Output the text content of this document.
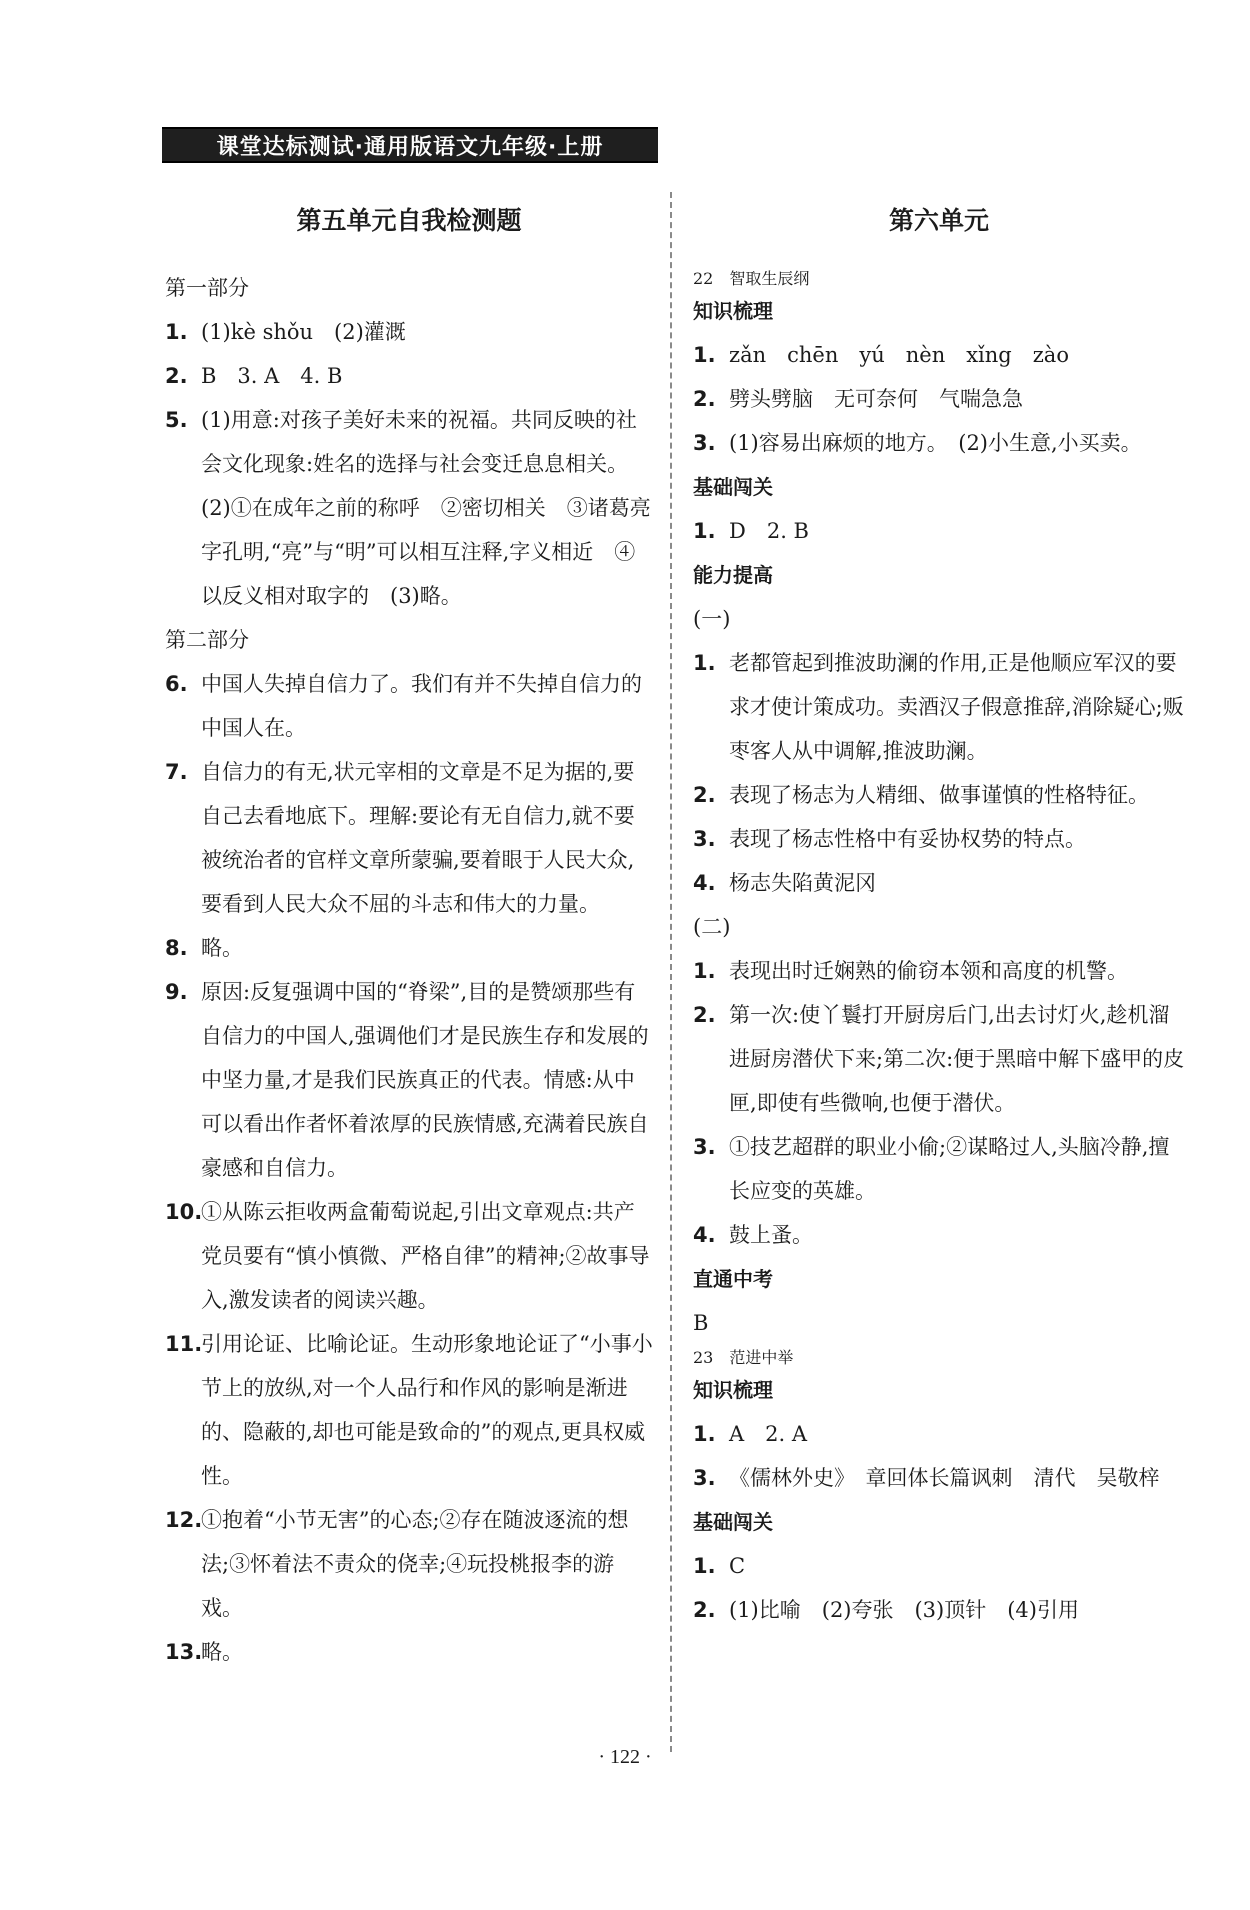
课堂达标测试·通用版语文九年级·上册
第五单元自我检测题
第一部分
1. (1)kè shǒu　(2)灌溉
2. B　3. A　4. B
5. (1)用意:对孩子美好未来的祝福。共同反映的社会文化现象:姓名的选择与社会变迁息息相关。　(2)①在成年之前的称呼　②密切相关　③诸葛亮字孔明,“亮”与“明”可以相互注释,字义相近　④以反义相对取字的　(3)略。
第二部分
6. 中国人失掉自信力了。我们有并不失掉自信力的中国人在。
7. 自信力的有无,状元宰相的文章是不足为据的,要自己去看地底下。理解:要论有无自信力,就不要被统治者的官样文章所蒙骗,要着眼于人民大众,要看到人民大众不屈的斗志和伟大的力量。
8. 略。
9. 原因:反复强调中国的“脊梁”,目的是赞颂那些有自信力的中国人,强调他们才是民族生存和发展的中坚力量,才是我们民族真正的代表。情感:从中可以看出作者怀着浓厚的民族情感,充满着民族自豪感和自信力。
10.
①从陈云拒收两盒葡萄说起,引出文章观点:共产党员要有“慎小慎微、严格自律”的精神;②故事导入,激发读者的阅读兴趣。
11.
引用论证、比喻论证。生动形象地论证了“小事小节上的放纵,对一个人品行和作风的影响是渐进的、隐蔽的,却也可能是致命的”的观点,更具权威性。
12.
①抱着“小节无害”的心态;②存在随波逐流的想法;③怀着法不责众的侥幸;④玩投桃报李的游戏。
13.
略。
第六单元
22　智取生辰纲
知识梳理
1. zǎn　chēn　yú　nèn　xǐng　zào
2. 劈头劈脑　无可奈何　气喘急急
3. (1)容易出麻烦的地方。　(2)小生意,小买卖。
基础闯关
1. D　2. B
能力提高
(一)
1. 老都管起到推波助澜的作用,正是他顺应军汉的要求才使计策成功。卖酒汉子假意推辞,消除疑心;贩枣客人从中调解,推波助澜。
2. 表现了杨志为人精细、做事谨慎的性格特征。
3. 表现了杨志性格中有妥协权势的特点。
4. 杨志失陷黄泥冈
(二)
1. 表现出时迁娴熟的偷窃本领和高度的机警。
2. 第一次:使丫鬟打开厨房后门,出去讨灯火,趁机溜进厨房潜伏下来;第二次:便于黑暗中解下盛甲的皮匣,即使有些微响,也便于潜伏。
3. ①技艺超群的职业小偷;②谋略过人,头脑冷静,擅长应变的英雄。
4. 鼓上蚤。
直通中考
B
23　范进中举
知识梳理
1. A　2. A
3. 《儒林外史》　章回体长篇讽刺　清代　吴敬梓
基础闯关
1. C
2. (1)比喻　(2)夸张　(3)顶针　(4)引用
· 122 ·
